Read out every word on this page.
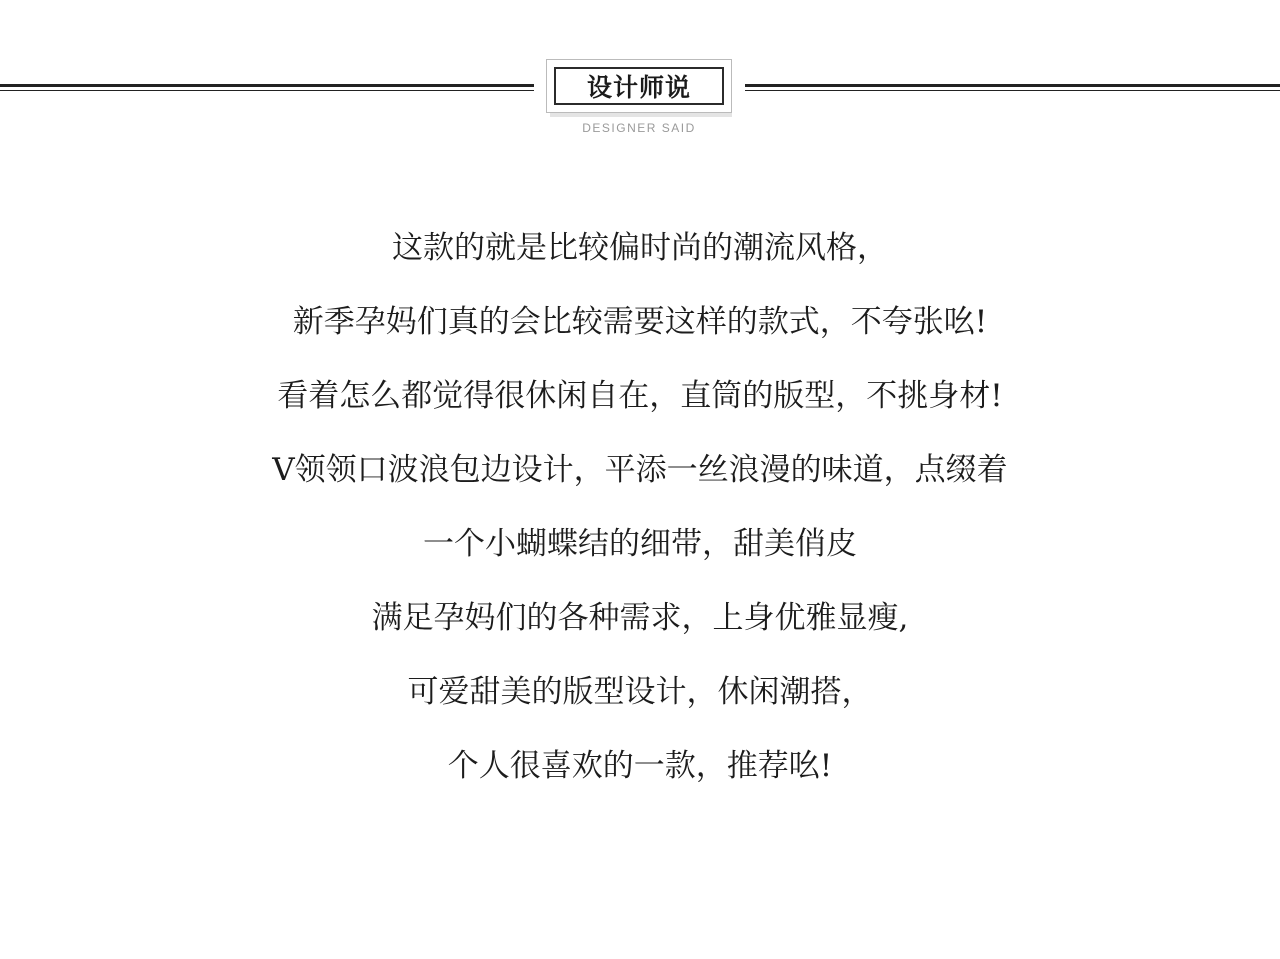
设计师说
DESIGNER SAID
这款的就是比较偏时尚的潮流风格，
新季孕妈们真的会比较需要这样的款式，不夸张吆!
看着怎么都觉得很休闲自在，直筒的版型，不挑身材!
V领领口波浪包边设计，平添一丝浪漫的味道，点缀着
一个小蝴蝶结的细带，甜美俏皮
满足孕妈们的各种需求，上身优雅显瘦,
可爱甜美的版型设计，休闲潮搭，
个人很喜欢的一款，推荐吆!
